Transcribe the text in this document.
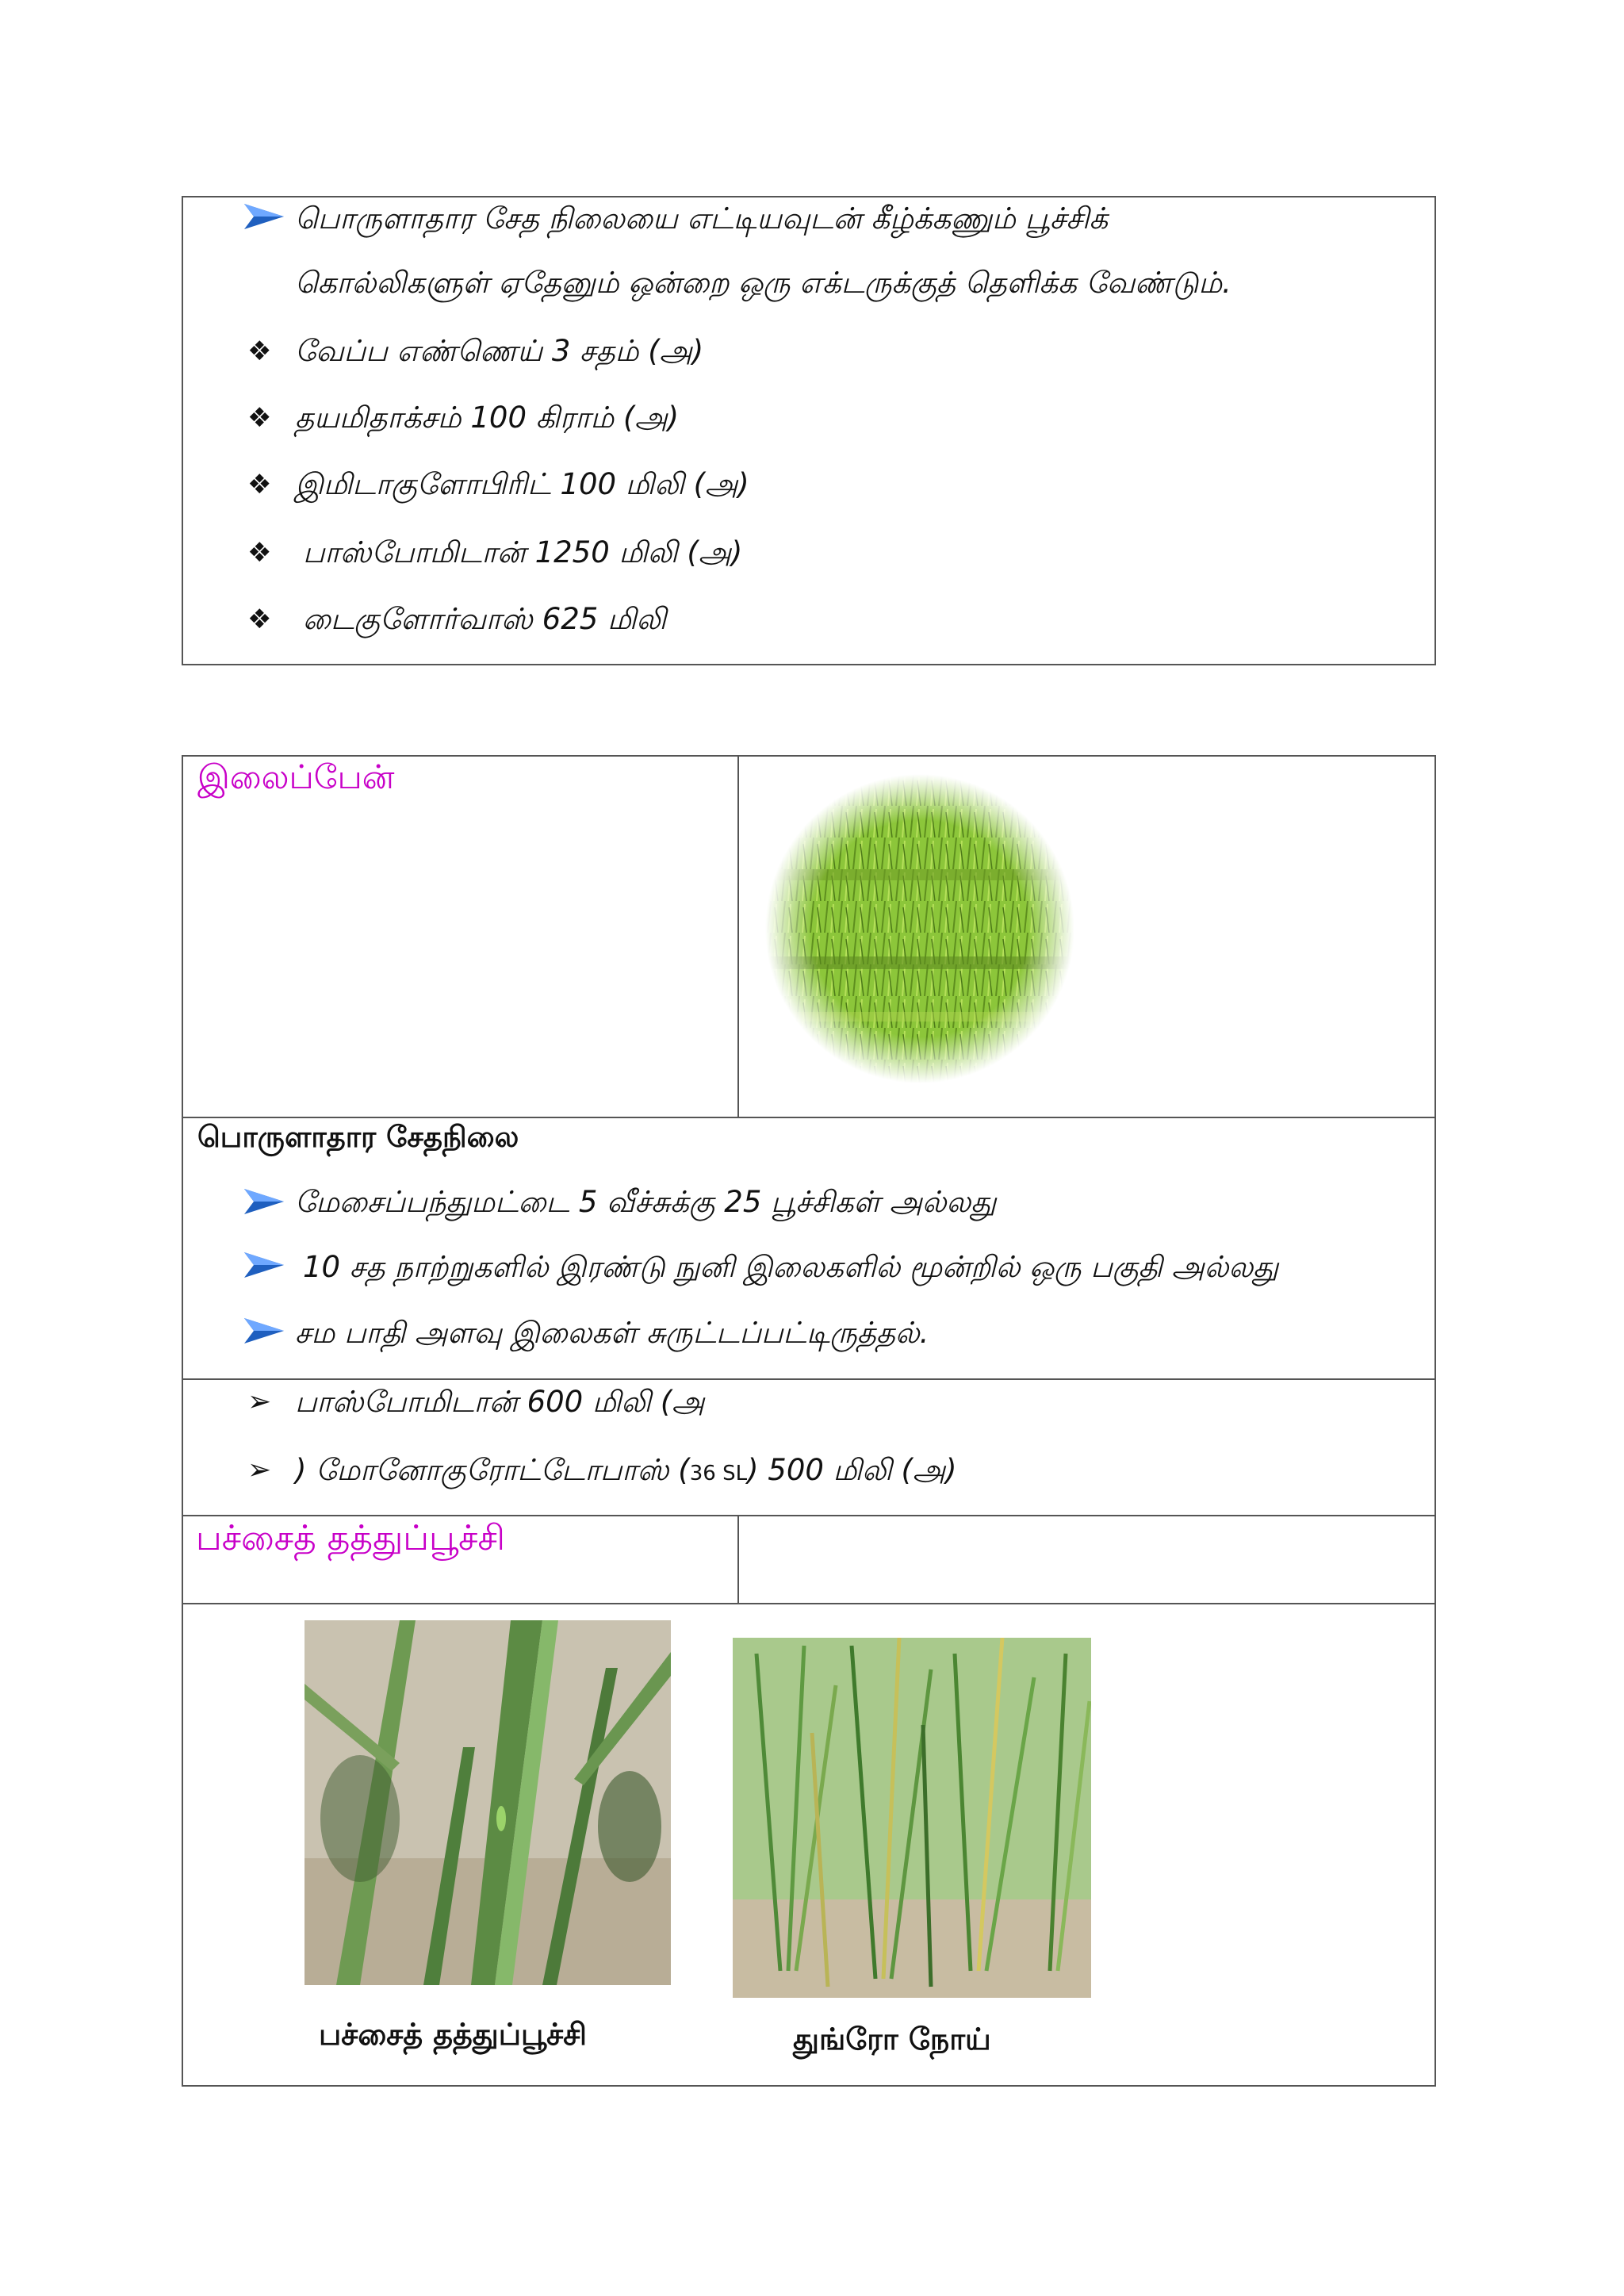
பொருளாதார சேத நிலையை எட்டியவுடன் கீழ்க்கணும் பூச்சிக்
கொல்லிகளுள் ஏதேனும் ஒன்றை ஒரு எக்டருக்குத் தெளிக்க வேண்டும்.
❖ வேப்ப எண்ணெய் 3 சதம் (அ)
❖ தயமிதாக்சம் 100 கிராம் (அ)
❖ இமிடாகுளோபிரிட் 100 மிலி (அ)
❖ பாஸ்போமிடான் 1250 மிலி (அ)
❖ டைகுளோர்வாஸ் 625 மிலி
இலைப்பேன்
பொருளாதார சேதநிலை
மேசைப்பந்துமட்டை 5 வீச்சுக்கு 25 பூச்சிகள் அல்லது
10 சத நாற்றுகளில் இரண்டு நுனி இலைகளில் மூன்றில் ஒரு பகுதி அல்லது
சம பாதி அளவு இலைகள் சுருட்டப்பட்டிருத்தல்.
➢ பாஸ்போமிடான் 600 மிலி (அ
➢ ) மோனோகுரோட்டோபாஸ் (36 SL) 500 மிலி (அ)
பச்சைத் தத்துப்பூச்சி
பச்சைத் தத்துப்பூச்சி	துங்ரோ நோய்
